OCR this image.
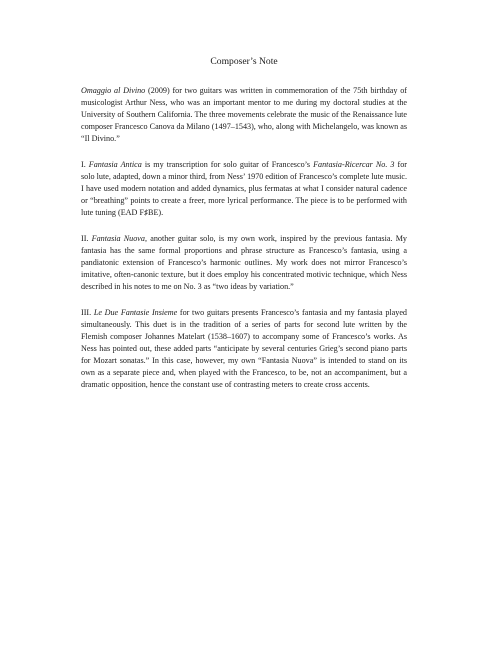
Composer’s Note

Omaggio al Divino (2009) for two guitars was written in commemoration of the 75th birthday of musicologist Arthur Ness, who was an important mentor to me during my doctoral studies at the University of Southern California. The three movements celebrate the music of the Renaissance lute composer Francesco Canova da Milano (1497–1543), who, along with Michelangelo, was known as “Il Divino.”

I. Fantasia Antica is my transcription for solo guitar of Francesco’s Fantasia-Ricercar No. 3 for solo lute, adapted, down a minor third, from Ness’ 1970 edition of Francesco’s complete lute music. I have used modern notation and added dynamics, plus fermatas at what I consider natural cadence or “breathing” points to create a freer, more lyrical performance. The piece is to be performed with lute tuning (EAD F♯BE).

II. Fantasia Nuova, another guitar solo, is my own work, inspired by the previous fantasia. My fantasia has the same formal proportions and phrase structure as Francesco’s fantasia, using a pandiatonic extension of Francesco’s harmonic outlines. My work does not mirror Francesco’s imitative, often-canonic texture, but it does employ his concentrated motivic technique, which Ness described in his notes to me on No. 3 as “two ideas by variation.”

III. Le Due Fantasie Insieme for two guitars presents Francesco’s fantasia and my fantasia played simultaneously. This duet is in the tradition of a series of parts for second lute written by the Flemish composer Johannes Matelart (1538–1607) to accompany some of Francesco’s works. As Ness has pointed out, these added parts “anticipate by several centuries Grieg’s second piano parts for Mozart sonatas.” In this case, however, my own “Fantasia Nuova” is intended to stand on its own as a separate piece and, when played with the Francesco, to be, not an accompaniment, but a dramatic opposition, hence the constant use of contrasting meters to create cross accents.
